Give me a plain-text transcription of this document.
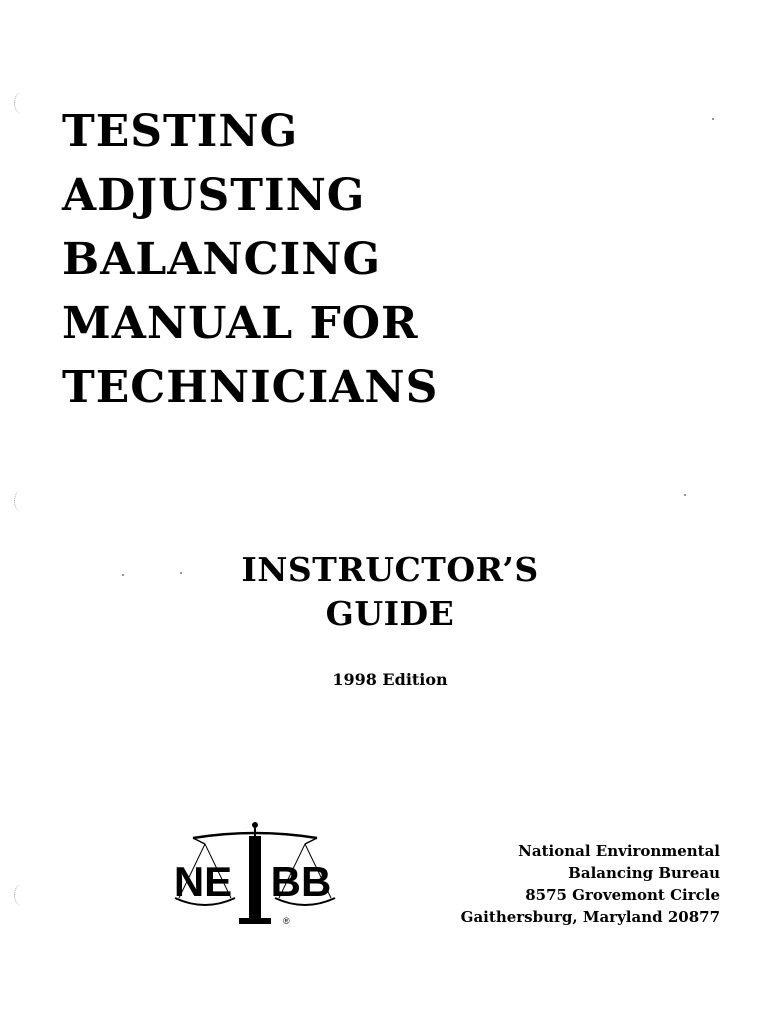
TESTING
ADJUSTING
BALANCING
MANUAL FOR
TECHNICIANS
INSTRUCTOR’S
GUIDE
1998 Edition
NE BB
®
National Environmental
Balancing Bureau
8575 Grovemont Circle
Gaithersburg, Maryland 20877
